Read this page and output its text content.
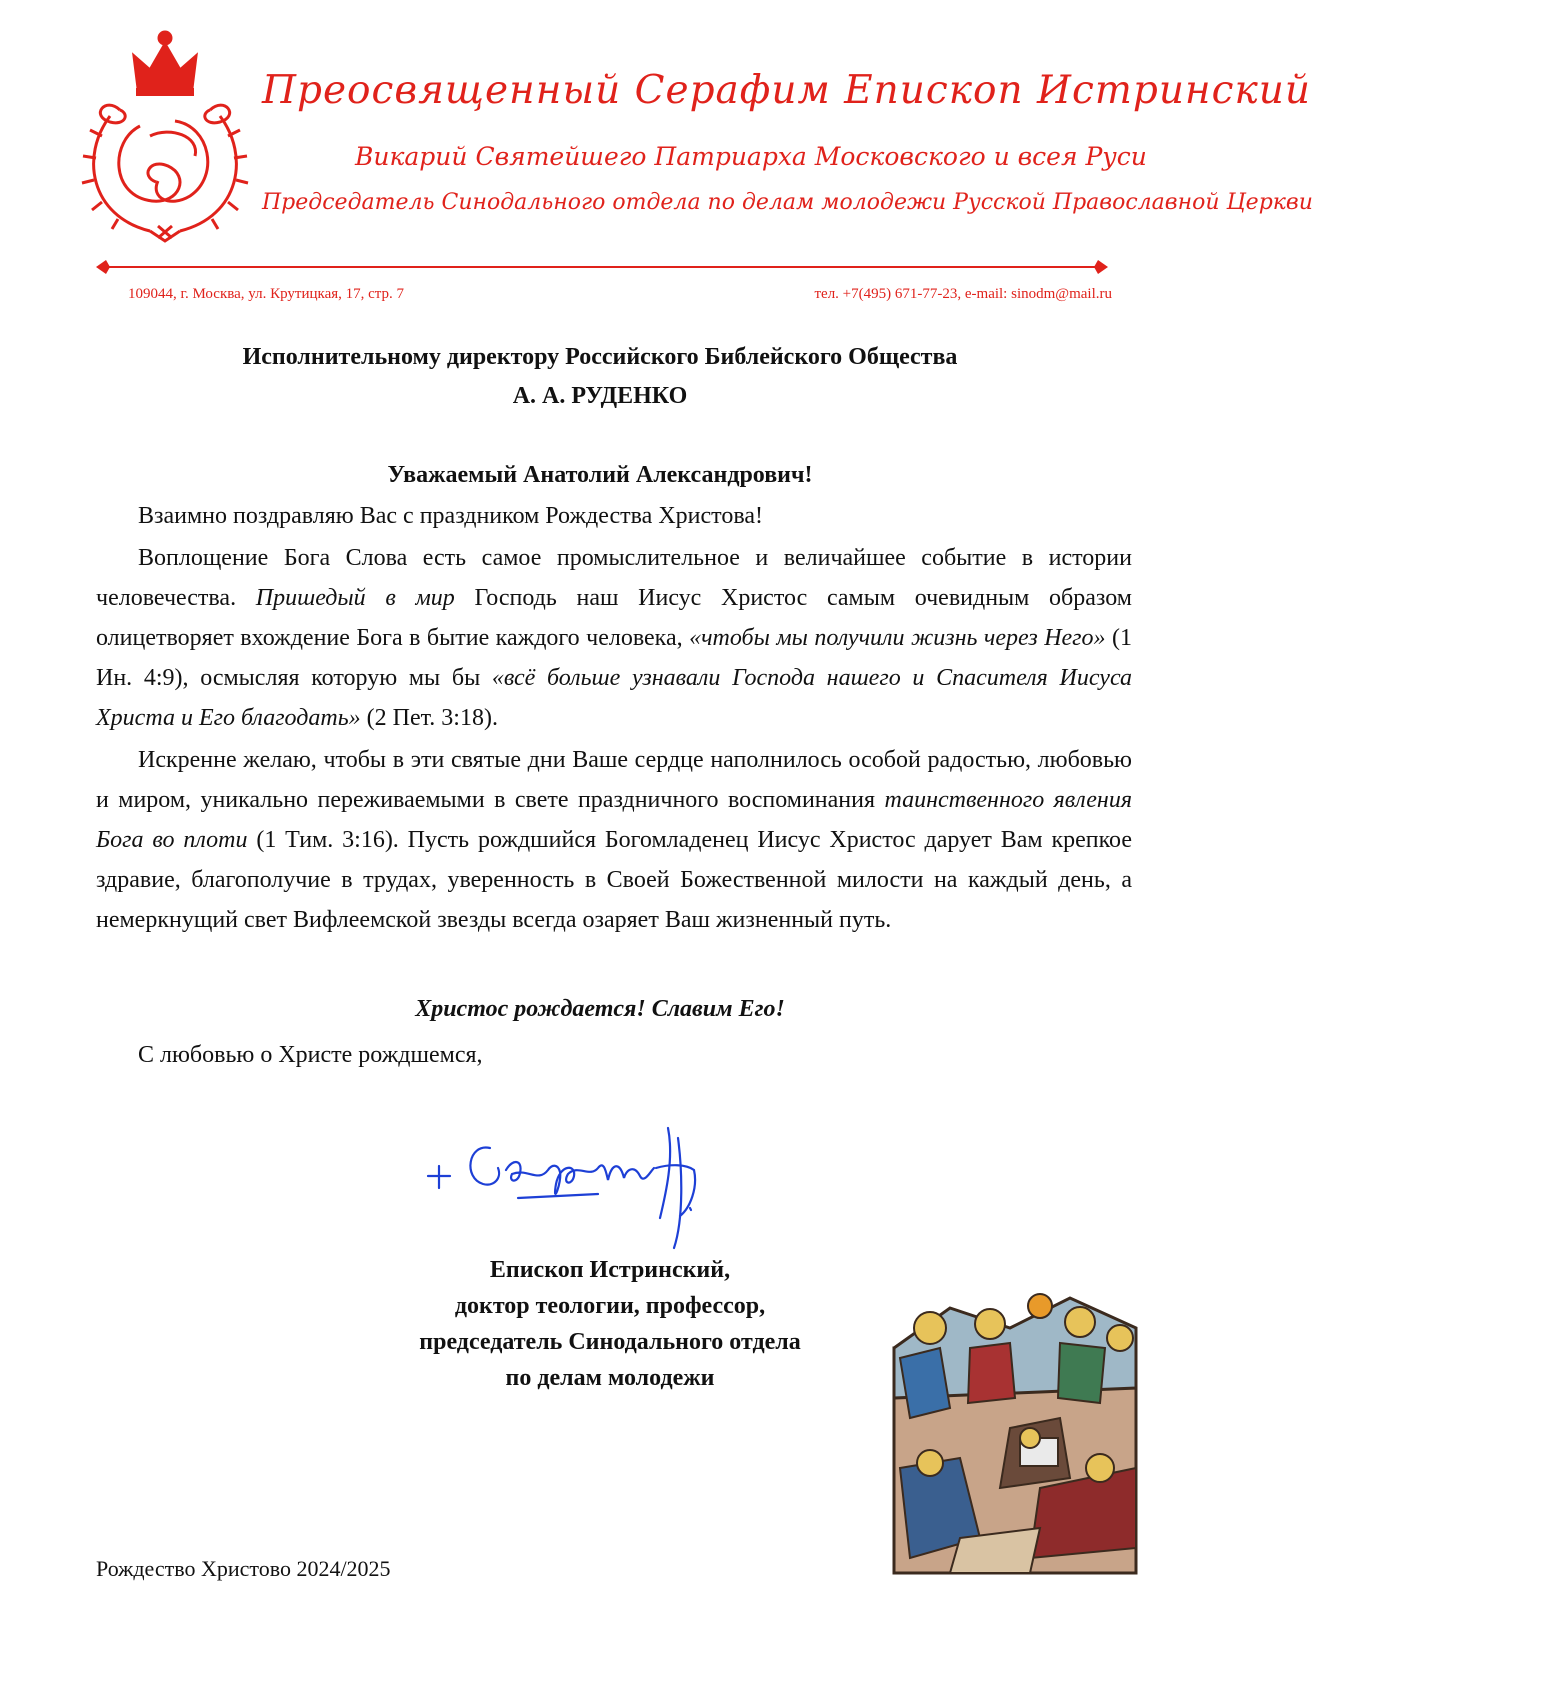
Преосвященный Серафим Епископ Истринский
Викарий Святейшего Патриарха Московского и всея Руси
Председатель Синодального отдела по делам молодежи Русской Православной Церкви
109044, г. Москва, ул. Крутицкая, 17, стр. 7	тел. +7(495) 671-77-23, e-mail: sinodm@mail.ru
Исполнительному директору Российского Библейского Общества
А. А. РУДЕНКО
Уважаемый Анатолий Александрович!

Взаимно поздравляю Вас с праздником Рождества Христова!

Воплощение Бога Слова есть самое промыслительное и величайшее событие в истории человечества. Пришедый в мир Господь наш Иисус Христос самым очевидным образом олицетворяет вхождение Бога в бытие каждого человека, «чтобы мы получили жизнь через Него» (1 Ин. 4:9), осмысляя которую мы бы «всё больше узнавали Господа нашего и Спасителя Иисуса Христа и Его благодать» (2 Пет. 3:18).

Искренне желаю, чтобы в эти святые дни Ваше сердце наполнилось особой радостью, любовью и миром, уникально переживаемыми в свете праздничного воспоминания таинственного явления Бога во плоти (1 Тим. 3:16). Пусть рождшийся Богомладенец Иисус Христос дарует Вам крепкое здравие, благополучие в трудах, уверенность в Своей Божественной милости на каждый день, а немеркнущий свет Вифлеемской звезды всегда озаряет Ваш жизненный путь.

Христос рождается! Славим Его!
С любовью о Христе рождшемся,
Епископ Истринский,
доктор теологии, профессор,
председатель Синодального отдела
по делам молодежи
Рождество Христово 2024/2025
